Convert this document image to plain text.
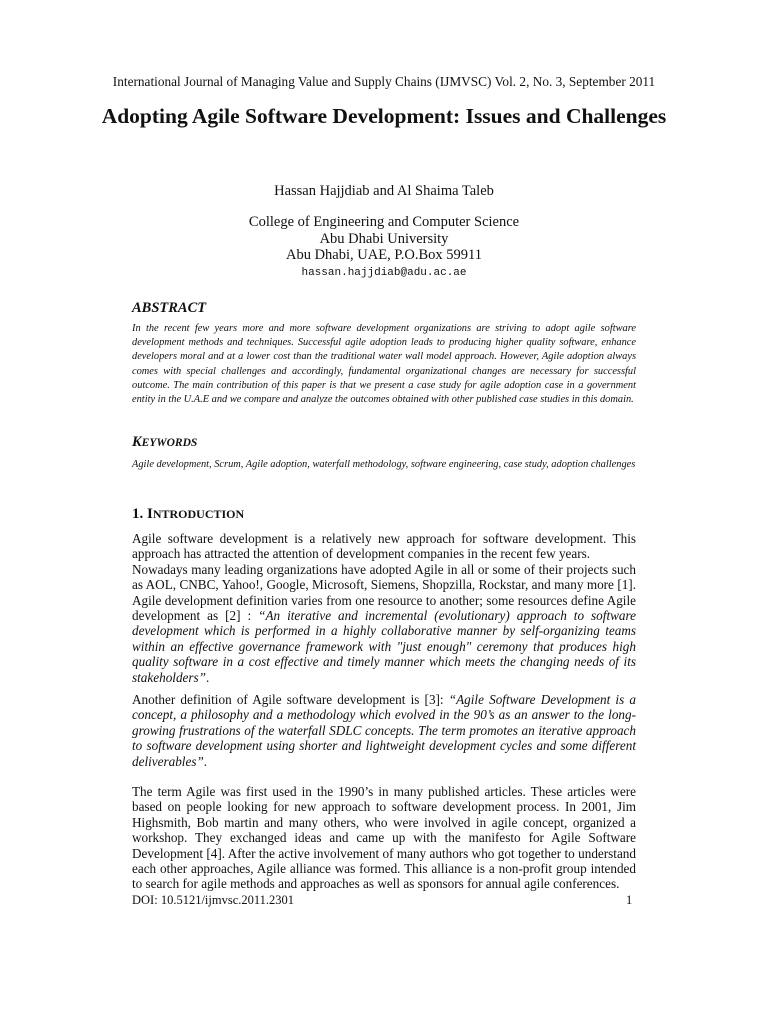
International Journal of Managing Value and Supply Chains (IJMVSC) Vol. 2, No. 3, September 2011
Adopting Agile Software Development: Issues and Challenges
Hassan Hajjdiab and Al Shaima Taleb
College of Engineering and Computer Science
Abu Dhabi University
Abu Dhabi, UAE, P.O.Box 59911
hassan.hajjdiab@adu.ac.ae
ABSTRACT
In the recent few years more and more software development organizations are striving to adopt agile software development methods and techniques. Successful agile adoption leads to producing higher quality software, enhance developers moral and at a lower cost than the traditional water wall model approach. However, Agile adoption always comes with special challenges and accordingly, fundamental organizational changes are necessary for successful outcome. The main contribution of this paper is that we present a case study for agile adoption case in a government entity in the U.A.E and we compare and analyze the outcomes obtained with other published case studies in this domain.
KEYWORDS
Agile development, Scrum, Agile adoption, waterfall methodology, software engineering, case study, adoption challenges
1. INTRODUCTION

Agile software development is a relatively new approach for software development. This approach has attracted the attention of development companies in the recent few years.

Nowadays many leading organizations have adopted Agile in all or some of their projects such as AOL, CNBC, Yahoo!, Google, Microsoft, Siemens, Shopzilla, Rockstar, and many more [1]. Agile development definition varies from one resource to another; some resources define Agile development as [2] : “An iterative and incremental (evolutionary) approach to software development which is performed in a highly collaborative manner by self-organizing teams within an effective governance framework with "just enough" ceremony that produces high quality software in a cost effective and timely manner which meets the changing needs of its stakeholders”.

Another definition of Agile software development is [3]: “Agile Software Development is a concept, a philosophy and a methodology which evolved in the 90’s as an answer to the long-growing frustrations of the waterfall SDLC concepts. The term promotes an iterative approach to software development using shorter and lightweight development cycles and some different deliverables”.

The term Agile was first used in the 1990’s in many published articles. These articles were based on people looking for new approach to software development process. In 2001, Jim Highsmith, Bob martin and many others, who were involved in agile concept, organized a workshop. They exchanged ideas and came up with the manifesto for Agile Software Development [4]. After the active involvement of many authors who got together to understand each other approaches, Agile alliance was formed. This alliance is a non-profit group intended to search for agile methods and approaches as well as sponsors for annual agile conferences.

DOI: 10.5121/ijmvsc.2011.2301	1
